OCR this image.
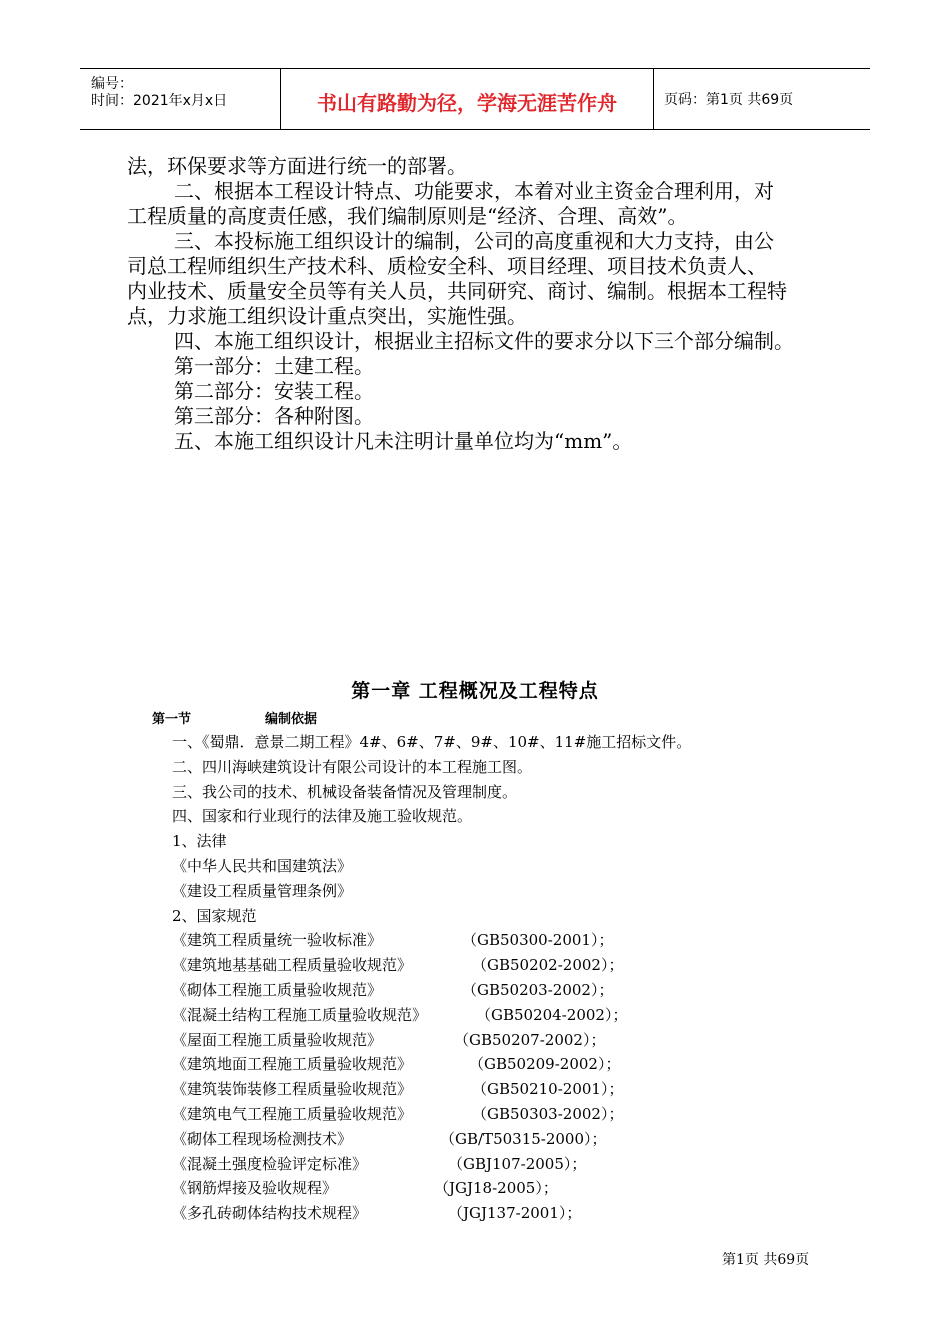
编号：
时间：2021年x月x日	书山有路勤为径，学海无涯苦作舟	页码：第1页 共69页

法，环保要求等方面进行统一的部署。

二、根据本工程设计特点、功能要求，本着对业主资金合理利用，对

工程质量的高度责任感，我们编制原则是“经济、合理、高效”。

三、本投标施工组织设计的编制，公司的高度重视和大力支持，由公

司总工程师组织生产技术科、质检安全科、项目经理、项目技术负责人、

内业技术、质量安全员等有关人员，共同研究、商讨、编制。根据本工程特

点，力求施工组织设计重点突出，实施性强。

四、本施工组织设计，根据业主招标文件的要求分以下三个部分编制。

第一部分：土建工程。

第二部分：安装工程。

第三部分：各种附图。

五、本施工组织设计凡未注明计量单位均为“mm”。

第一章 工程概况及工程特点
第一节	编制依据

一、《蜀鼎．意景二期工程》4#、6#、7#、9#、10#、11#施工招标文件。

二、四川海峡建筑设计有限公司设计的本工程施工图。

三、我公司的技术、机械设备装备情况及管理制度。

四、国家和行业现行的法律及施工验收规范。

1、法律

《中华人民共和国建筑法》

《建设工程质量管理条例》

2、国家规范

《建筑工程质量统一验收标准》	（GB50300-2001）；
《建筑地基基础工程质量验收规范》	（GB50202-2002）；
《砌体工程施工质量验收规范》	（GB50203-2002）；
《混凝土结构工程施工质量验收规范》	（GB50204-2002）；
《屋面工程施工质量验收规范》	（GB50207-2002）；
《建筑地面工程施工质量验收规范》	（GB50209-2002）；
《建筑装饰装修工程质量验收规范》	（GB50210-2001）；
《建筑电气工程施工质量验收规范》	（GB50303-2002）；
《砌体工程现场检测技术》	（GB/T50315-2000）；
《混凝土强度检验评定标准》	（GBJ107-2005）；
《钢筋焊接及验收规程》	（JGJ18-2005）；
《多孔砖砌体结构技术规程》	（JGJ137-2001）；
第1页 共69页
